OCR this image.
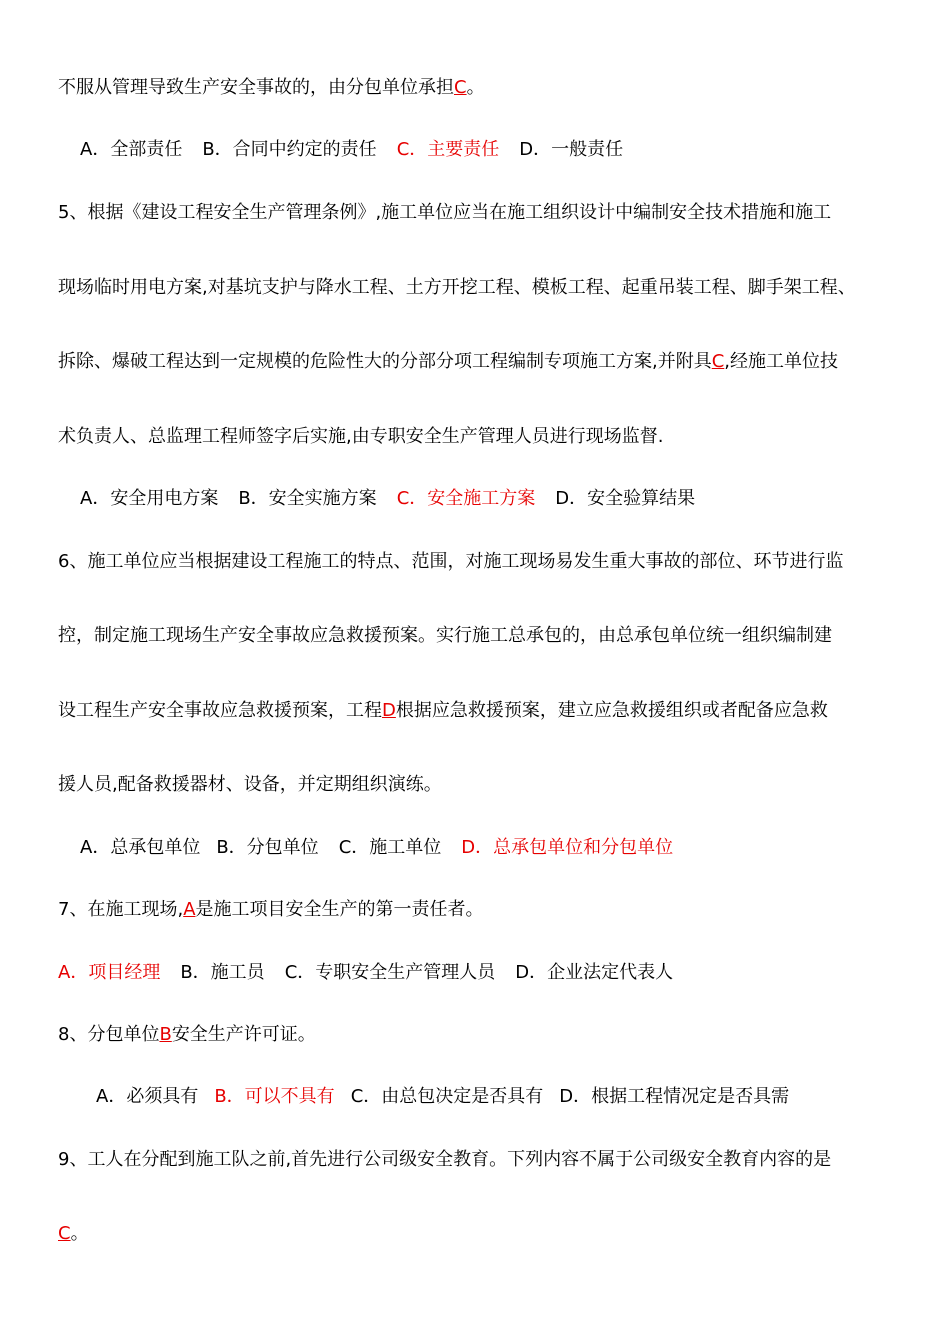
不服从管理导致生产安全事故的，由分包单位承担C。
A．全部责任 B．合同中约定的责任 C．主要责任 D．一般责任
5、根据《建设工程安全生产管理条例》,施工单位应当在施工组织设计中编制安全技术措施和施工
现场临时用电方案,对基坑支护与降水工程、土方开挖工程、模板工程、起重吊装工程、脚手架工程、
拆除、爆破工程达到一定规模的危险性大的分部分项工程编制专项施工方案,并附具C,经施工单位技
术负责人、总监理工程师签字后实施,由专职安全生产管理人员进行现场监督.
A．安全用电方案 B．安全实施方案 C．安全施工方案 D．安全验算结果
6、施工单位应当根据建设工程施工的特点、范围，对施工现场易发生重大事故的部位、环节进行监
控，制定施工现场生产安全事故应急救援预案。实行施工总承包的，由总承包单位统一组织编制建
设工程生产安全事故应急救援预案，工程D根据应急救援预案，建立应急救援组织或者配备应急救
援人员,配备救援器材、设备，并定期组织演练。
A．总承包单位 B．分包单位 C．施工单位 D．总承包单位和分包单位
7、在施工现场,A是施工项目安全生产的第一责任者。
A．项目经理 B．施工员 C．专职安全生产管理人员 D．企业法定代表人
8、分包单位B安全生产许可证。
A．必须具有 B．可以不具有 C．由总包决定是否具有 D．根据工程情况定是否具需
9、工人在分配到施工队之前,首先进行公司级安全教育。下列内容不属于公司级安全教育内容的是
C。
